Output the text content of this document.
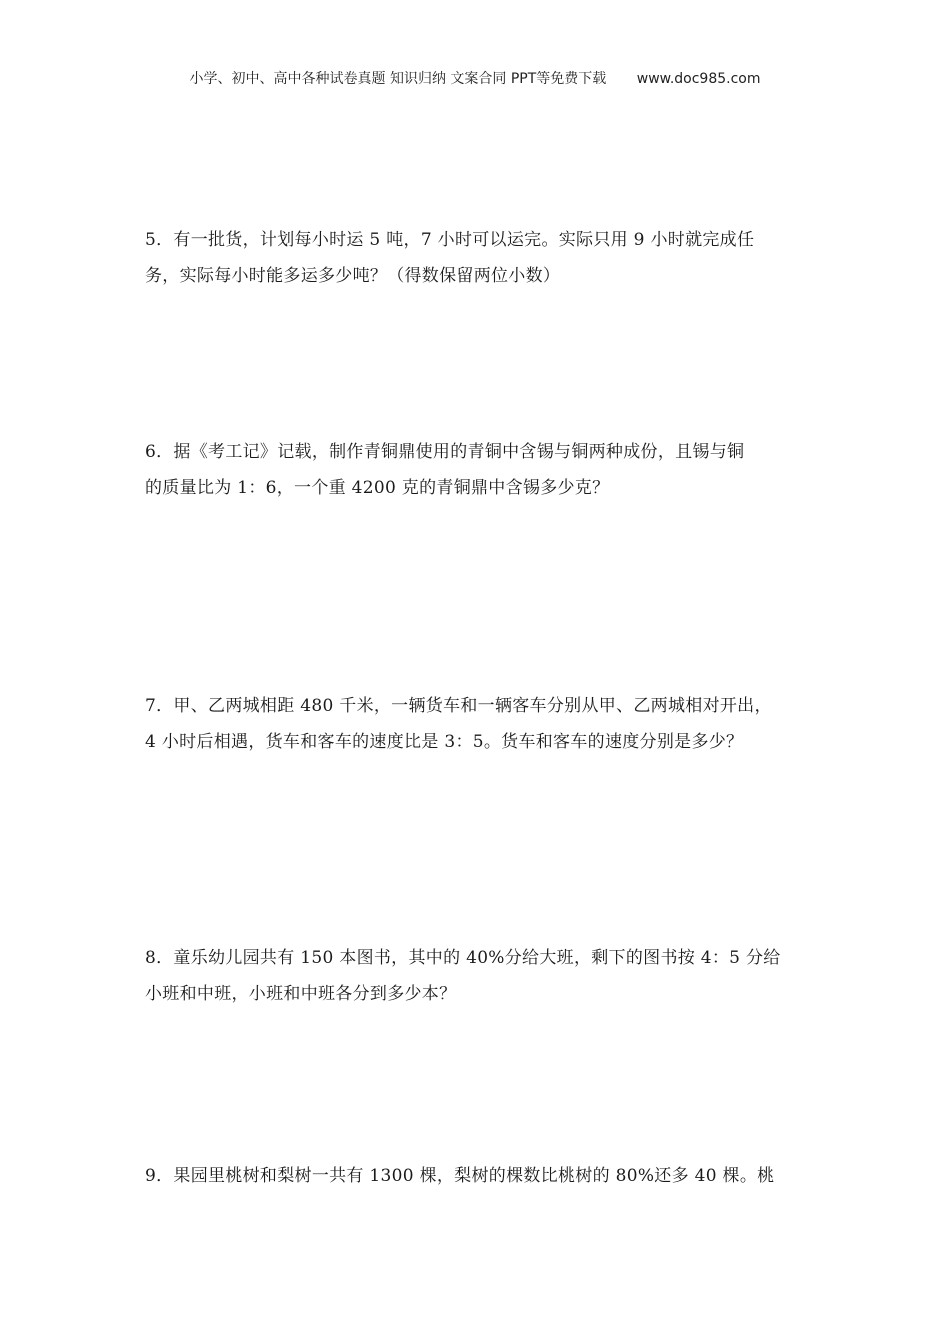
小学、初中、高中各种试卷真题 知识归纳 文案合同 PPT等免费下载 www.doc985.com
5．有一批货，计划每小时运 5 吨，7 小时可以运完。实际只用 9 小时就完成任
务，实际每小时能多运多少吨？（得数保留两位小数）
6．据《考工记》记载，制作青铜鼎使用的青铜中含锡与铜两种成份，且锡与铜
的质量比为 1：6，一个重 4200 克的青铜鼎中含锡多少克？
7．甲、乙两城相距 480 千米，一辆货车和一辆客车分别从甲、乙两城相对开出，
4 小时后相遇，货车和客车的速度比是 3：5。货车和客车的速度分别是多少？
8．童乐幼儿园共有 150 本图书，其中的 40%分给大班，剩下的图书按 4：5 分给
小班和中班，小班和中班各分到多少本？
9．果园里桃树和梨树一共有 1300 棵，梨树的棵数比桃树的 80%还多 40 棵。桃
